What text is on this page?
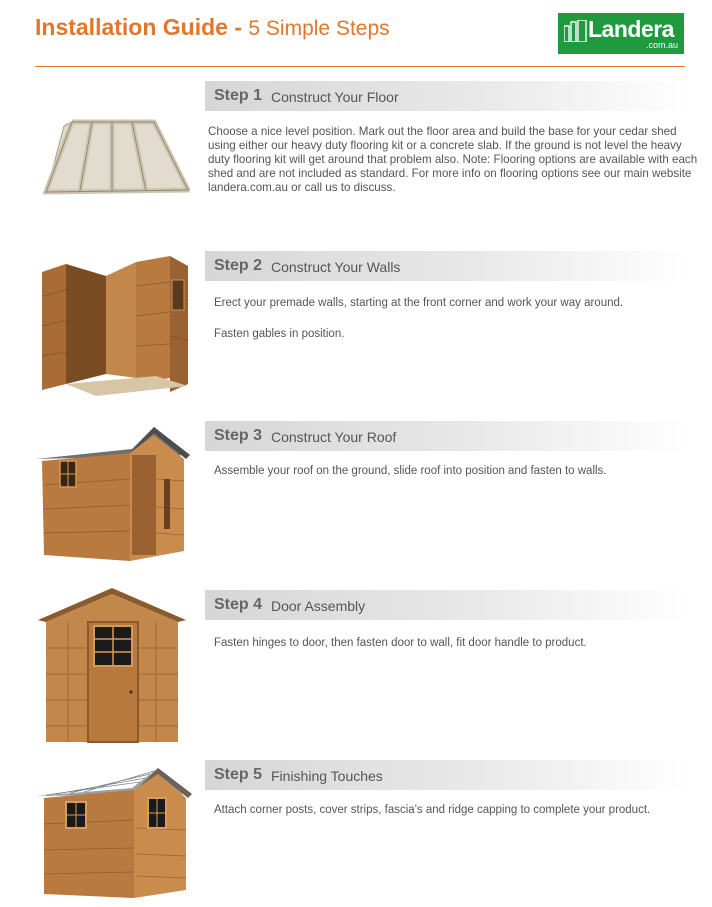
Installation Guide - 5 Simple Steps	Landera
.com.au
Step 1 Construct Your Floor
Choose a nice level position. Mark out the floor area and build the base for your cedar shed using either our heavy duty flooring kit or a concrete slab. If the ground is not level the heavy duty flooring kit will get around that problem also. Note: Flooring options are available with each shed and are not included as standard. For more info on flooring options see our main website landera.com.au or call us to discuss.
Step 2 Construct Your Walls
Erect your premade walls, starting at the front corner and work your way around.
Fasten gables in position.
Step 3 Construct Your Roof
Assemble your roof on the ground, slide roof into position and fasten to walls.
Step 4 Door Assembly
Fasten hinges to door, then fasten door to wall, fit door handle to product.
Step 5 Finishing Touches
Attach corner posts, cover strips, fascia's and ridge capping to complete your product.
